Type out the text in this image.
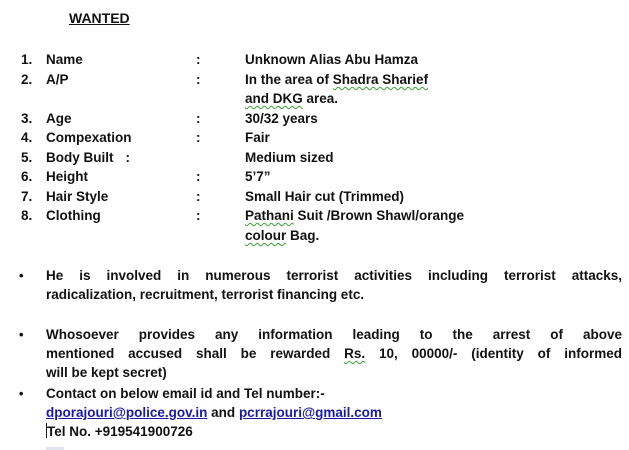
WANTED
1. Name	:	Unknown Alias Abu Hamza
2. A/P	:	In the area of Shadra Sharief
and DKG area.
3. Age	:	30/32 years
4. Compexation	:	Fair
5. Body Built :	Medium sized
6. Height	:	5’7”
7. Hair Style	:	Small Hair cut (Trimmed)
8. Clothing	:	Pathani Suit /Brown Shawl/orange
colour Bag.
• He is involved in numerous terrorist activities including terrorist attacks,
radicalization, recruitment, terrorist financing etc.
• Whosoever provides any information leading to the arrest of above
mentioned accused shall be rewarded Rs. 10, 00000/- (identity of informed
will be kept secret)
• Contact on below email id and Tel number:-
dporajouri@police.gov.in and pcrrajouri@gmail.com
Tel No. +919541900726
